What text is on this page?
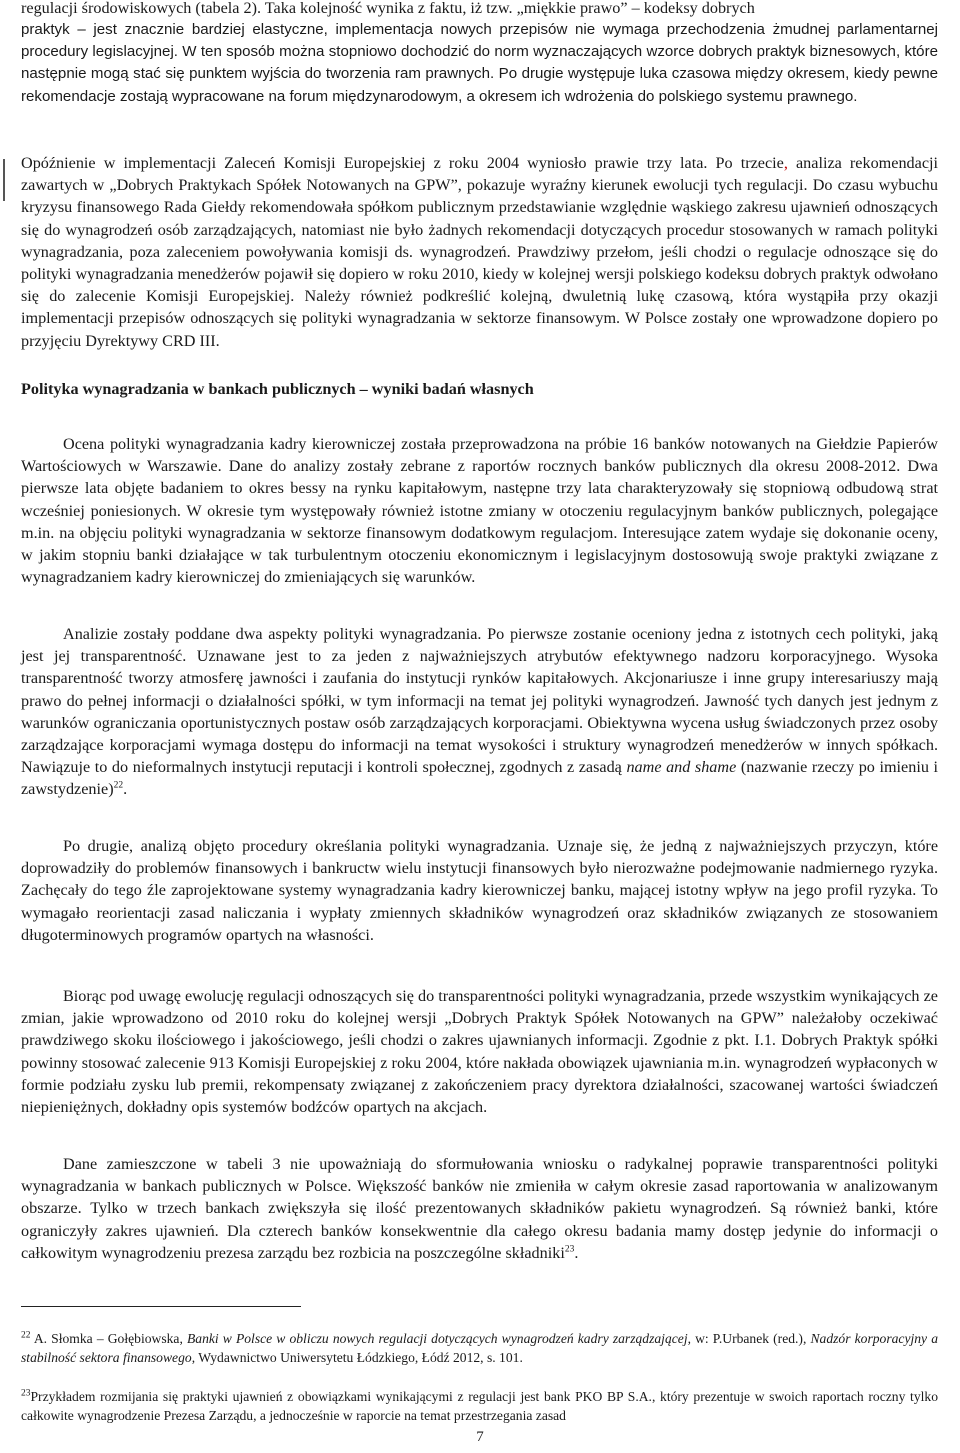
regulacji środowiskowych (tabela 2). Taka kolejność wynika z faktu, iż tzw. „miękkie prawo” – kodeksy dobrych

praktyk – jest znacznie bardziej elastyczne, implementacja nowych przepisów nie wymaga przechodzenia żmudnej parlamentarnej procedury legislacyjnej. W ten sposób można stopniowo dochodzić do norm wyznaczających wzorce dobrych praktyk biznesowych, które następnie mogą stać się punktem wyjścia do tworzenia ram prawnych. Po drugie występuje luka czasowa między okresem, kiedy pewne rekomendacje zostają wypracowane na forum międzynarodowym, a okresem ich wdrożenia do polskiego systemu prawnego.

Opóźnienie w implementacji Zaleceń Komisji Europejskiej z roku 2004 wyniosło prawie trzy lata. Po trzecie, analiza rekomendacji zawartych w „Dobrych Praktykach Spółek Notowanych na GPW”, pokazuje wyraźny kierunek ewolucji tych regulacji. Do czasu wybuchu kryzysu finansowego Rada Giełdy rekomendowała spółkom publicznym przedstawianie względnie wąskiego zakresu ujawnień odnoszących się do wynagrodzeń osób zarządzających, natomiast nie było żadnych rekomendacji dotyczących procedur stosowanych w ramach polityki wynagradzania, poza zaleceniem powoływania komisji ds. wynagrodzeń. Prawdziwy przełom, jeśli chodzi o regulacje odnoszące się do polityki wynagradzania menedżerów pojawił się dopiero w roku 2010, kiedy w kolejnej wersji polskiego kodeksu dobrych praktyk odwołano się do zalecenie Komisji Europejskiej. Należy również podkreślić kolejną, dwuletnią lukę czasową, która wystąpiła przy okazji implementacji przepisów odnoszących się polityki wynagradzania w sektorze finansowym. W Polsce zostały one wprowadzone dopiero po przyjęciu Dyrektywy CRD III.

Polityka wynagradzania w bankach publicznych – wyniki badań własnych

Ocena polityki wynagradzania kadry kierowniczej została przeprowadzona na próbie 16 banków notowanych na Giełdzie Papierów Wartościowych w Warszawie. Dane do analizy zostały zebrane z raportów rocznych banków publicznych dla okresu 2008-2012. Dwa pierwsze lata objęte badaniem to okres bessy na rynku kapitałowym, następne trzy lata charakteryzowały się stopniową odbudową strat wcześniej poniesionych. W okresie tym występowały również istotne zmiany w otoczeniu regulacyjnym banków publicznych, polegające m.in. na objęciu polityki wynagradzania w sektorze finansowym dodatkowym regulacjom. Interesujące zatem wydaje się dokonanie oceny, w jakim stopniu banki działające w tak turbulentnym otoczeniu ekonomicznym i legislacyjnym dostosowują swoje praktyki związane z wynagradzaniem kadry kierowniczej do zmieniających się warunków.

Analizie zostały poddane dwa aspekty polityki wynagradzania. Po pierwsze zostanie oceniony jedna z istotnych cech polityki, jaką jest jej transparentność. Uznawane jest to za jeden z najważniejszych atrybutów efektywnego nadzoru korporacyjnego. Wysoka transparentność tworzy atmosferę jawności i zaufania do instytucji rynków kapitałowych. Akcjonariusze i inne grupy interesariuszy mają prawo do pełnej informacji o działalności spółki, w tym informacji na temat jej polityki wynagrodzeń. Jawność tych danych jest jednym z warunków ograniczania oportunistycznych postaw osób zarządzających korporacjami. Obiektywna wycena usług świadczonych przez osoby zarządzające korporacjami wymaga dostępu do informacji na temat wysokości i struktury wynagrodzeń menedżerów w innych spółkach. Nawiązuje to do nieformalnych instytucji reputacji i kontroli społecznej, zgodnych z zasadą name and shame (nazwanie rzeczy po imieniu i zawstydzenie)$^{22}$.

Po drugie, analizą objęto procedury określania polityki wynagradzania. Uznaje się, że jedną z najważniejszych przyczyn, które doprowadziły do problemów finansowych i bankructw wielu instytucji finansowych było nierozważne podejmowanie nadmiernego ryzyka. Zachęcały do tego źle zaprojektowane systemy wynagradzania kadry kierowniczej banku, mającej istotny wpływ na jego profil ryzyka. To wymagało reorientacji zasad naliczania i wypłaty zmiennych składników wynagrodzeń oraz składników związanych ze stosowaniem długoterminowych programów opartych na własności.

Biorąc pod uwagę ewolucję regulacji odnoszących się do transparentności polityki wynagradzania, przede wszystkim wynikających ze zmian, jakie wprowadzono od 2010 roku do kolejnej wersji „Dobrych Praktyk Spółek Notowanych na GPW” należałoby oczekiwać prawdziwego skoku ilościowego i jakościowego, jeśli chodzi o zakres ujawnianych informacji. Zgodnie z pkt. I.1. Dobrych Praktyk spółki powinny stosować zalecenie 913 Komisji Europejskiej z roku 2004, które nakłada obowiązek ujawniania m.in. wynagrodzeń wypłaconych w formie podziału zysku lub premii, rekompensaty związanej z zakończeniem pracy dyrektora działalności, szacowanej wartości świadczeń niepieniężnych, dokładny opis systemów bodźców opartych na akcjach.

Dane zamieszczone w tabeli 3 nie upoważniają do sformułowania wniosku o radykalnej poprawie transparentności polityki wynagradzania w bankach publicznych w Polsce. Większość banków nie zmieniła w całym okresie zasad raportowania w analizowanym obszarze. Tylko w trzech bankach zwiększyła się ilość prezentowanych składników pakietu wynagrodzeń. Są również banki, które ograniczyły zakres ujawnień. Dla czterech banków konsekwentnie dla całego okresu badania mamy dostęp jedynie do informacji o całkowitym wynagrodzeniu prezesa zarządu bez rozbicia na poszczególne składniki$^{23}$.

$^{22}$ A. Słomka – Gołębiowska, Banki w Polsce w obliczu nowych regulacji dotyczących wynagrodzeń kadry zarządzającej, w: P.Urbanek (red.), Nadzór korporacyjny a stabilność sektora finansowego, Wydawnictwo Uniwersytetu Łódzkiego, Łódź 2012, s. 101.

$^{23}$Przykładem rozmijania się praktyki ujawnień z obowiązkami wynikającymi z regulacji jest bank PKO BP S.A., który prezentuje w swoich raportach roczny tylko całkowite wynagrodzenie Prezesa Zarządu, a jednocześnie w raporcie na temat przestrzegania zasad

7
